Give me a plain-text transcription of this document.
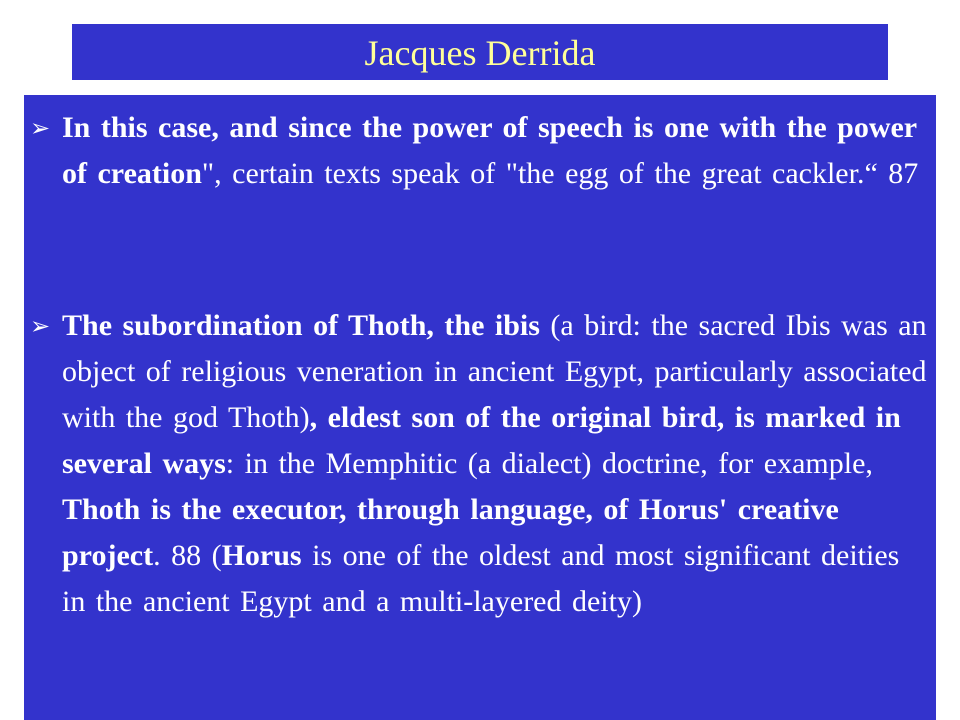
Jacques Derrida
➢ In this case, and since the power of speech is one with the power of creation", certain texts speak of "the egg of the great cackler.“ 87

➢ The subordination of Thoth, the ibis (a bird: the sacred Ibis was an object of religious veneration in ancient Egypt, particularly associated with the god Thoth), eldest son of the original bird, is marked in several ways: in the Memphitic (a dialect) doctrine, for example, Thoth is the executor, through language, of Horus' creative project. 88 (Horus is one of the oldest and most significant deities in the ancient Egypt and a multi-layered deity)
